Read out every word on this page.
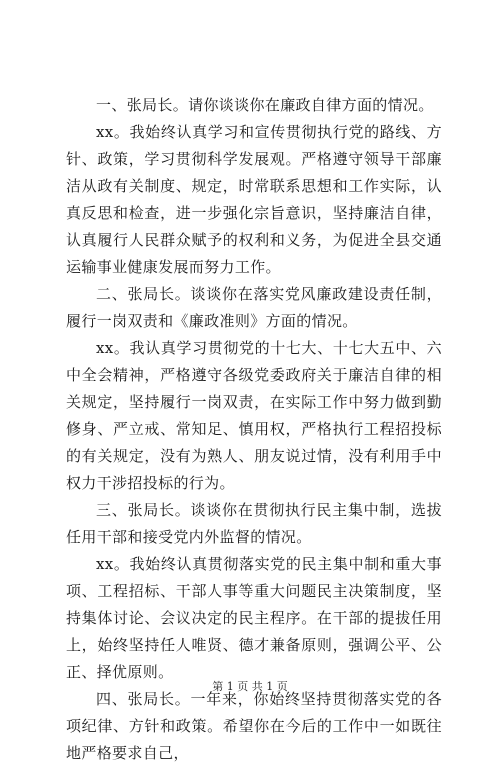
一、张局长。请你谈谈你在廉政自律方面的情况。

xx。我始终认真学习和宣传贯彻执行党的路线、方针、政策，学习贯彻科学发展观。严格遵守领导干部廉洁从政有关制度、规定，时常联系思想和工作实际，认真反思和检查，进一步强化宗旨意识，坚持廉洁自律，认真履行人民群众赋予的权利和义务，为促进全县交通运输事业健康发展而努力工作。

二、张局长。谈谈你在落实党风廉政建设责任制，履行一岗双责和《廉政准则》方面的情况。

xx。我认真学习贯彻党的十七大、十七大五中、六中全会精神，严格遵守各级党委政府关于廉洁自律的相关规定，坚持履行一岗双责，在实际工作中努力做到勤修身、严立戒、常知足、慎用权，严格执行工程招投标的有关规定，没有为熟人、朋友说过情，没有利用手中权力干涉招投标的行为。

三、张局长。谈谈你在贯彻执行民主集中制，选拔任用干部和接受党内外监督的情况。

xx。我始终认真贯彻落实党的民主集中制和重大事项、工程招标、干部人事等重大问题民主决策制度，坚持集体讨论、会议决定的民主程序。在干部的提拔任用上，始终坚持任人唯贤、德才兼备原则，强调公平、公正、择优原则。

四、张局长。一年来，你始终坚持贯彻落实党的各项纪律、方针和政策。希望你在今后的工作中一如既往地严格要求自己，

第 1 页 共 1 页
